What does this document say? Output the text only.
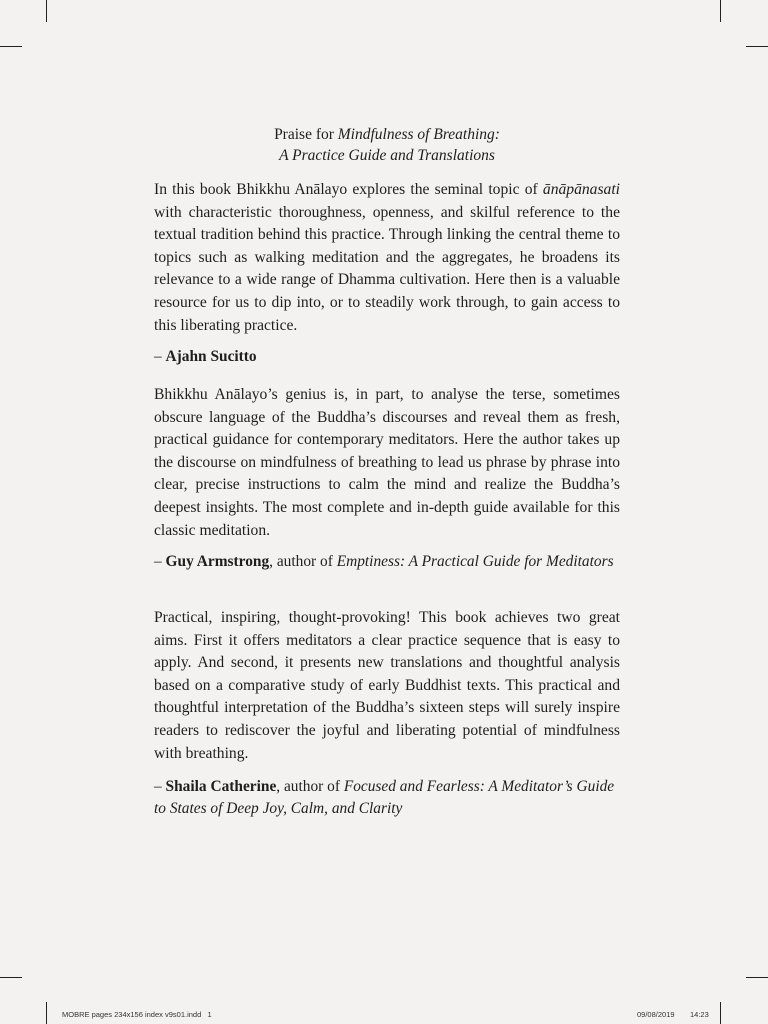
Praise for Mindfulness of Breathing:
A Practice Guide and Translations

In this book Bhikkhu Anālayo explores the seminal topic of ānāpānasati with characteristic thoroughness, openness, and skilful reference to the textual tradition behind this practice. Through linking the central theme to topics such as walking meditation and the aggregates, he broadens its relevance to a wide range of Dhamma cultivation. Here then is a valuable resource for us to dip into, or to steadily work through, to gain access to this liberating practice.

– Ajahn Sucitto

Bhikkhu Anālayo’s genius is, in part, to analyse the terse, sometimes obscure language of the Buddha’s discourses and reveal them as fresh, practical guidance for contemporary meditators. Here the author takes up the discourse on mindfulness of breathing to lead us phrase by phrase into clear, precise instructions to calm the mind and realize the Buddha’s deepest insights. The most complete and in-depth guide available for this classic meditation.

– Guy Armstrong, author of Emptiness: A Practical Guide for Meditators

Practical, inspiring, thought-provoking! This book achieves two great aims. First it offers meditators a clear practice sequence that is easy to apply. And second, it presents new translations and thoughtful analysis based on a comparative study of early Buddhist texts. This practical and thoughtful interpretation of the Buddha’s sixteen steps will surely inspire readers to rediscover the joyful and liberating potential of mindfulness with breathing.

– Shaila Catherine, author of Focused and Fearless: A Meditator’s Guide to States of Deep Joy, Calm, and Clarity

MOBRE pages 234x156 index v9s01.indd   1	09/08/2019 14:23
